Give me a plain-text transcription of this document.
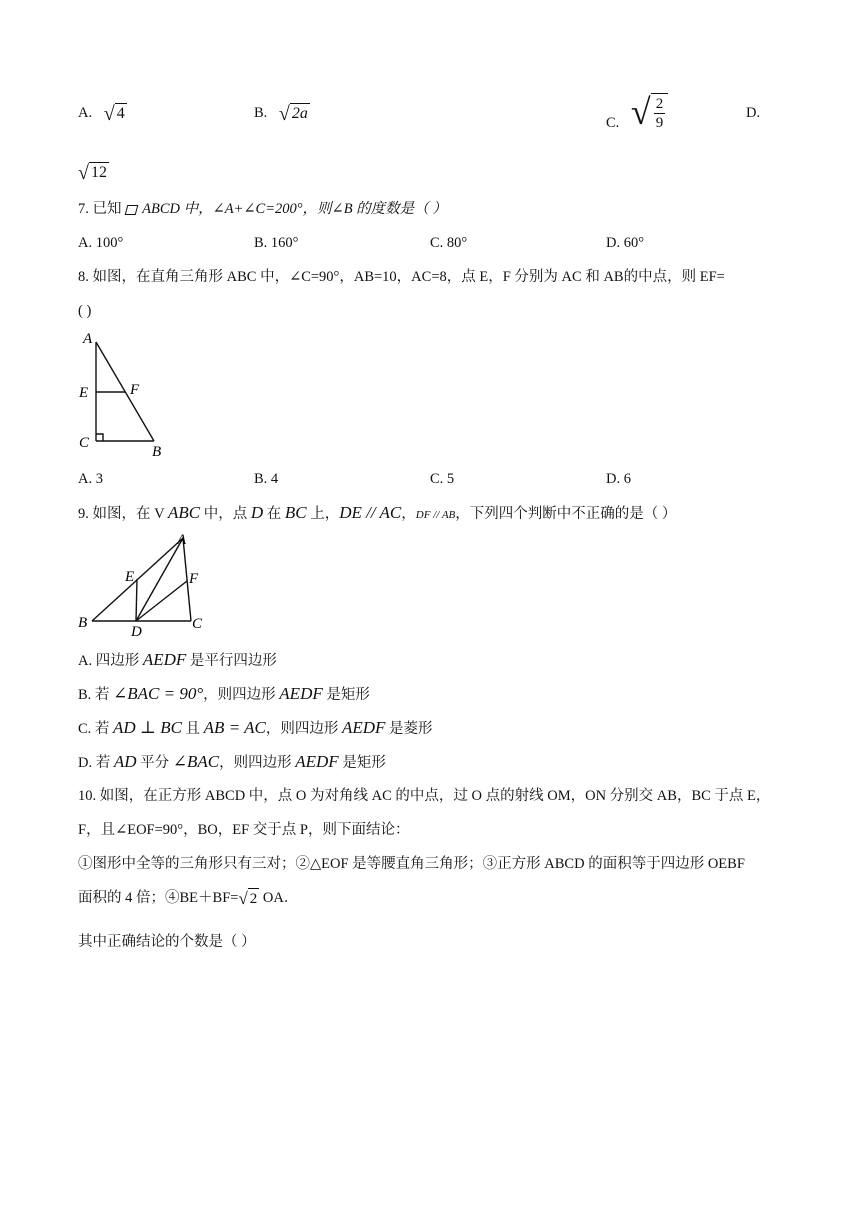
A. √ 4	B. √ 2a
C. √ $\frac{2}{9}$	D.
√ 12
7. 已知 ABCD 中，∠A+∠C=200°，则∠B 的度数是（ ）
A. 100°	B. 160°	C. 80°	D. 60°
8. 如图，在直角三角形 ABC 中，∠C=90°，AB=10，AC=8，点 E，F 分别为 AC 和 AB的中点，则 EF=
( )
A
E	F
C
B
A. 3	B. 4	C. 5	D. 6
9. 如图，在 V ABC 中，点 D 在 BC 上，DE // AC，DF // AB，下列四个判断中不正确的是（ ）
A
E	F
B
D	C
A. 四边形 AEDF 是平行四边形
B. 若 ∠BAC = 90°，则四边形 AEDF 是矩形
C. 若 AD ⊥ BC 且 AB = AC，则四边形 AEDF 是菱形
D. 若 AD 平分 ∠BAC，则四边形 AEDF 是矩形
10. 如图，在正方形 ABCD 中，点 O 为对角线 AC 的中点，过 O 点的射线 OM，ON 分别交 AB，BC 于点 E，
F，且∠EOF=90°，BO，EF 交于点 P，则下面结论：
①图形中全等的三角形只有三对；②△EOF 是等腰直角三角形；③正方形 ABCD 的面积等于四边形 OEBF
面积的 4 倍；④BE＋BF= √ 2 OA．
其中正确结论的个数是（ ）
